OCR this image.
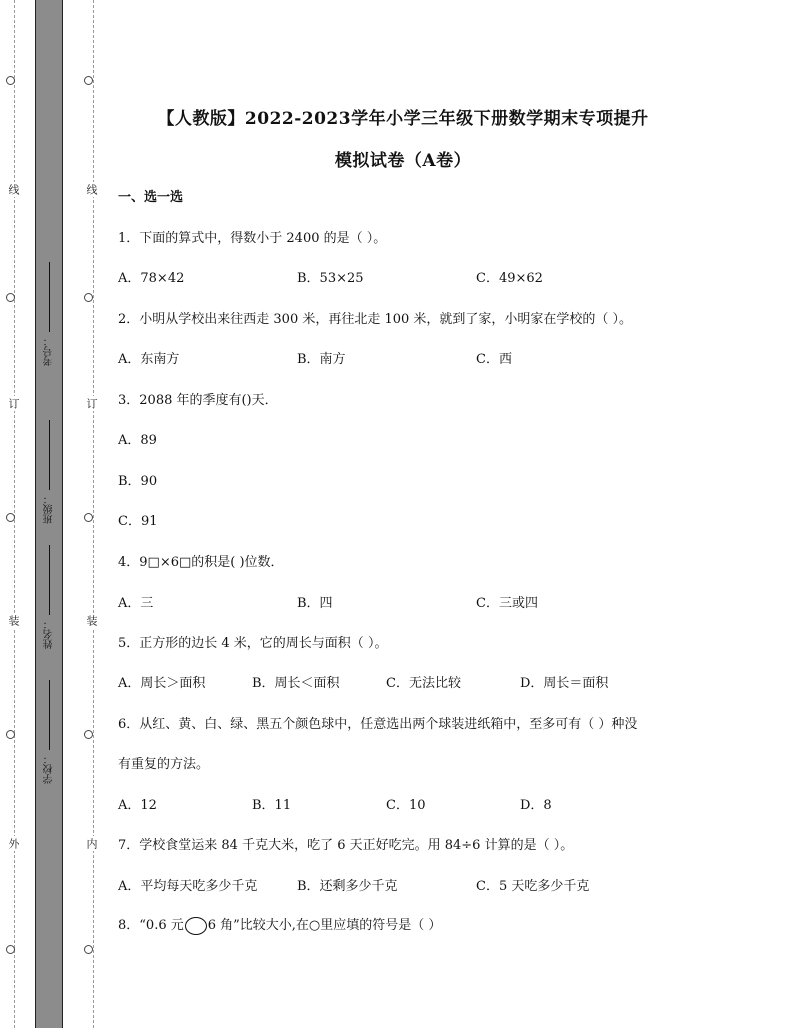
线
订
装
外
线
订
装
内
考号：
班级：
姓名：
学校：
【人教版】2022-2023学年小学三年级下册数学期末专项提升
模拟试卷（A卷）
一、选一选
1．下面的算式中，得数小于 2400 的是（ ）。
A．78×42	B．53×25	C．49×62
2．小明从学校出来往西走 300 米，再往北走 100 米，就到了家，小明家在学校的（ ）。
A．东南方	B．南方	C．西
3．2088 年的季度有()天．
A．89
B．90
C．91
4．9□×6□的积是( )位数．
A．三	B．四	C．三或四
5．正方形的边长 4 米，它的周长与面积（ ）。
A．周长＞面积	B．周长＜面积	C．无法比较	D．周长＝面积
6．从红、黄、白、绿、黑五个颜色球中，任意选出两个球装进纸箱中，至多可有（ ）种没
有重复的方法。
A．12	B．11	C．10	D．8
7．学校食堂运来 84 千克大米，吃了 6 天正好吃完。用 84÷6 计算的是（ ）。
A．平均每天吃多少千克	B．还剩多少千克	C．5 天吃多少千克
8．“0.6 元 6 角”比较大小,在○里应填的符号是（ ）
